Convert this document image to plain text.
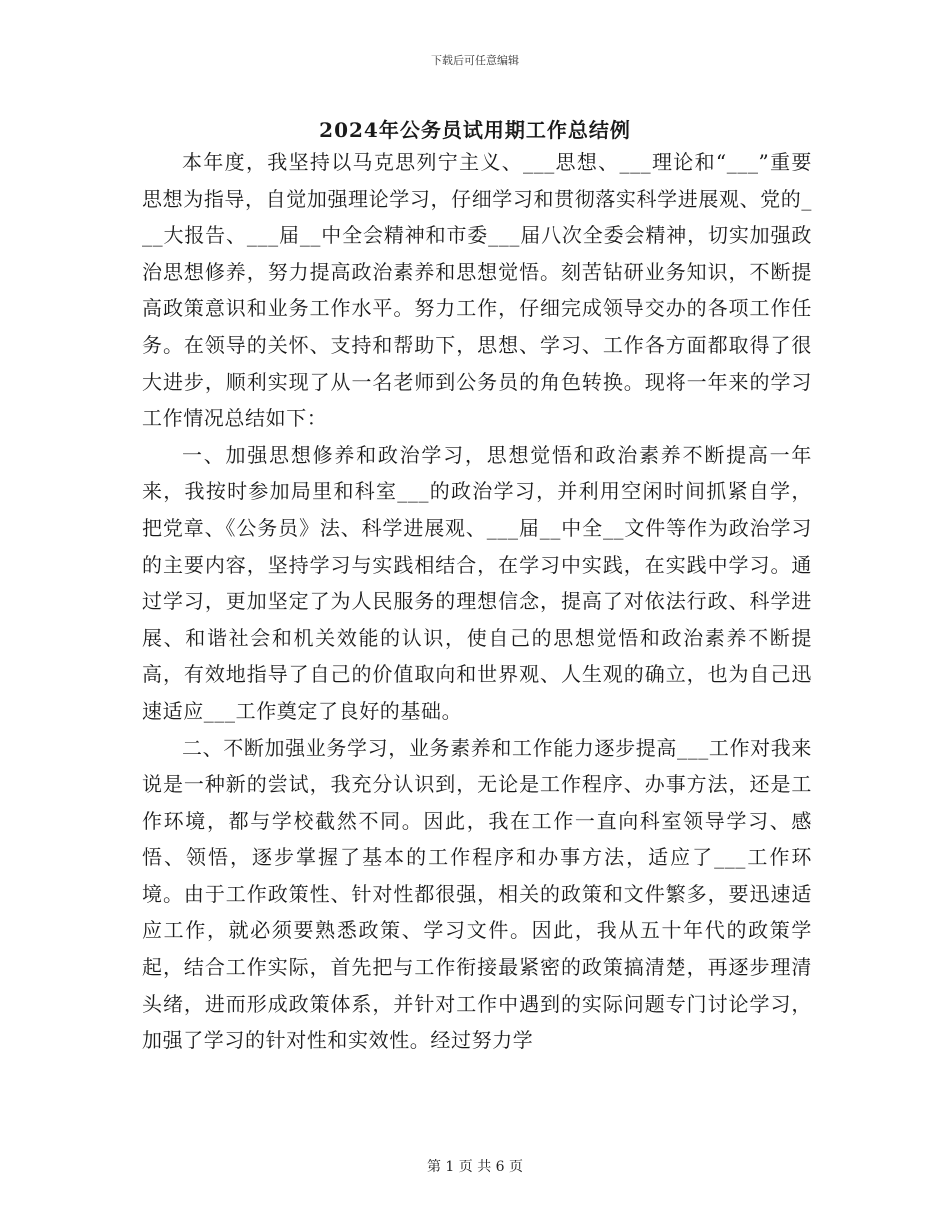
下载后可任意编辑
2024年公务员试用期工作总结例

本年度，我坚持以马克思列宁主义、___思想、___理论和“___”重要思想为指导，自觉加强理论学习，仔细学习和贯彻落实科学进展观、党的___大报告、___届__中全会精神和市委___届八次全委会精神，切实加强政治思想修养，努力提高政治素养和思想觉悟。刻苦钻研业务知识，不断提高政策意识和业务工作水平。努力工作，仔细完成领导交办的各项工作任务。在领导的关怀、支持和帮助下，思想、学习、工作各方面都取得了很大进步，顺利实现了从一名老师到公务员的角色转换。现将一年来的学习工作情况总结如下：

一、加强思想修养和政治学习，思想觉悟和政治素养不断提高一年来，我按时参加局里和科室___的政治学习，并利用空闲时间抓紧自学，把党章、《公务员》法、科学进展观、___届__中全__文件等作为政治学习的主要内容，坚持学习与实践相结合，在学习中实践，在实践中学习。通过学习，更加坚定了为人民服务的理想信念，提高了对依法行政、科学进展、和谐社会和机关效能的认识，使自己的思想觉悟和政治素养不断提高，有效地指导了自己的价值取向和世界观、人生观的确立，也为自己迅速适应___工作奠定了良好的基础。

二、不断加强业务学习，业务素养和工作能力逐步提高___工作对我来说是一种新的尝试，我充分认识到，无论是工作程序、办事方法，还是工作环境，都与学校截然不同。因此，我在工作一直向科室领导学习、感悟、领悟，逐步掌握了基本的工作程序和办事方法，适应了___工作环境。由于工作政策性、针对性都很强，相关的政策和文件繁多，要迅速适应工作，就必须要熟悉政策、学习文件。因此，我从五十年代的政策学起，结合工作实际，首先把与工作衔接最紧密的政策搞清楚，再逐步理清头绪，进而形成政策体系，并针对工作中遇到的实际问题专门讨论学习，加强了学习的针对性和实效性。经过努力学

第 1 页 共 6 页
